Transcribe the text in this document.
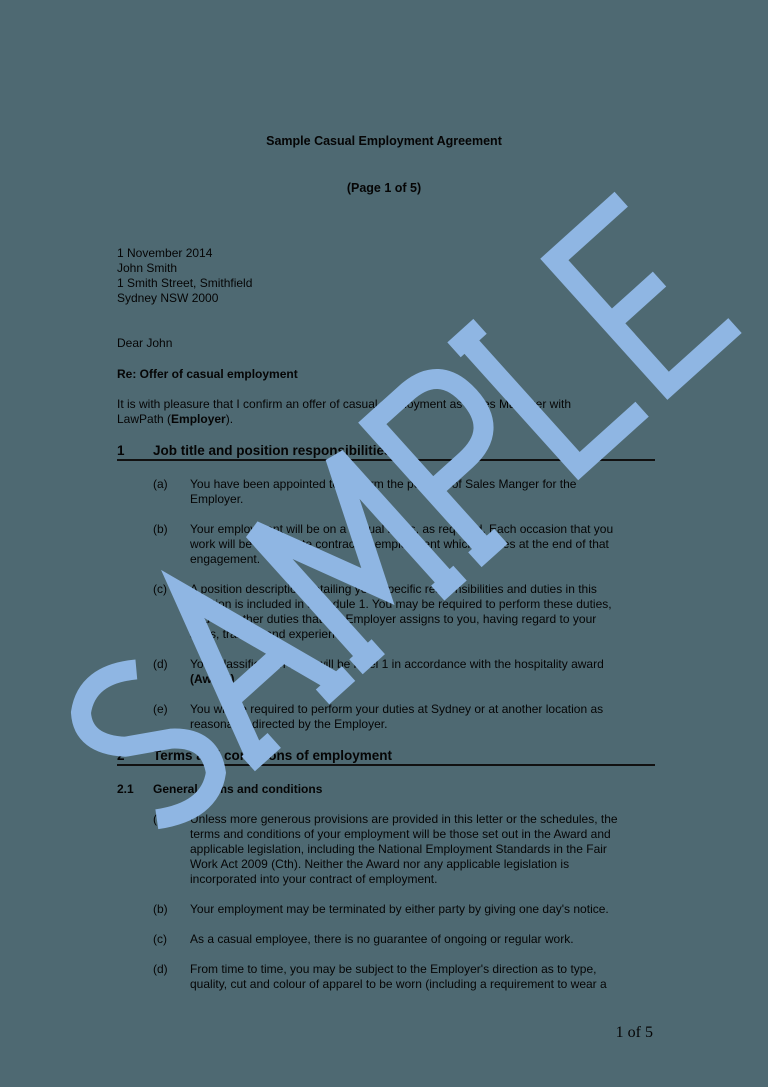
Sample Casual Employment Agreement
(Page 1 of 5)
1 November 2014
John Smith
1 Smith Street, Smithfield
Sydney NSW 2000
Dear John
Re: Offer of casual employment
It is with pleasure that I confirm an offer of casual employment as Sales Manager with
LawPath (Employer).
1 Job title and position responsibilities
(a) You have been appointed to perform the position of Sales Manger for the
Employer.
(b) Your employment will be on a casual basis, as required. Each occasion that you
work will be a separate contract of employment which ceases at the end of that
engagement.
(c) A position description detailing your specific responsibilities and duties in this
position is included in schedule 1. You may be required to perform these duties,
and any other duties that the Employer assigns to you, having regard to your
skills, training and experience.
(d) Your classification level will be level 1 in accordance with the hospitality award
(Award).
(e) You will be required to perform your duties at Sydney or at another location as
reasonably directed by the Employer.
2 Terms and conditions of employment
2.1 General terms and conditions
(a) Unless more generous provisions are provided in this letter or the schedules, the
terms and conditions of your employment will be those set out in the Award and
applicable legislation, including the National Employment Standards in the Fair
Work Act 2009 (Cth). Neither the Award nor any applicable legislation is
incorporated into your contract of employment.
(b) Your employment may be terminated by either party by giving one day's notice.
(c) As a casual employee, there is no guarantee of ongoing or regular work.
(d) From time to time, you may be subject to the Employer's direction as to type,
quality, cut and colour of apparel to be worn (including a requirement to wear a
1 of 5
